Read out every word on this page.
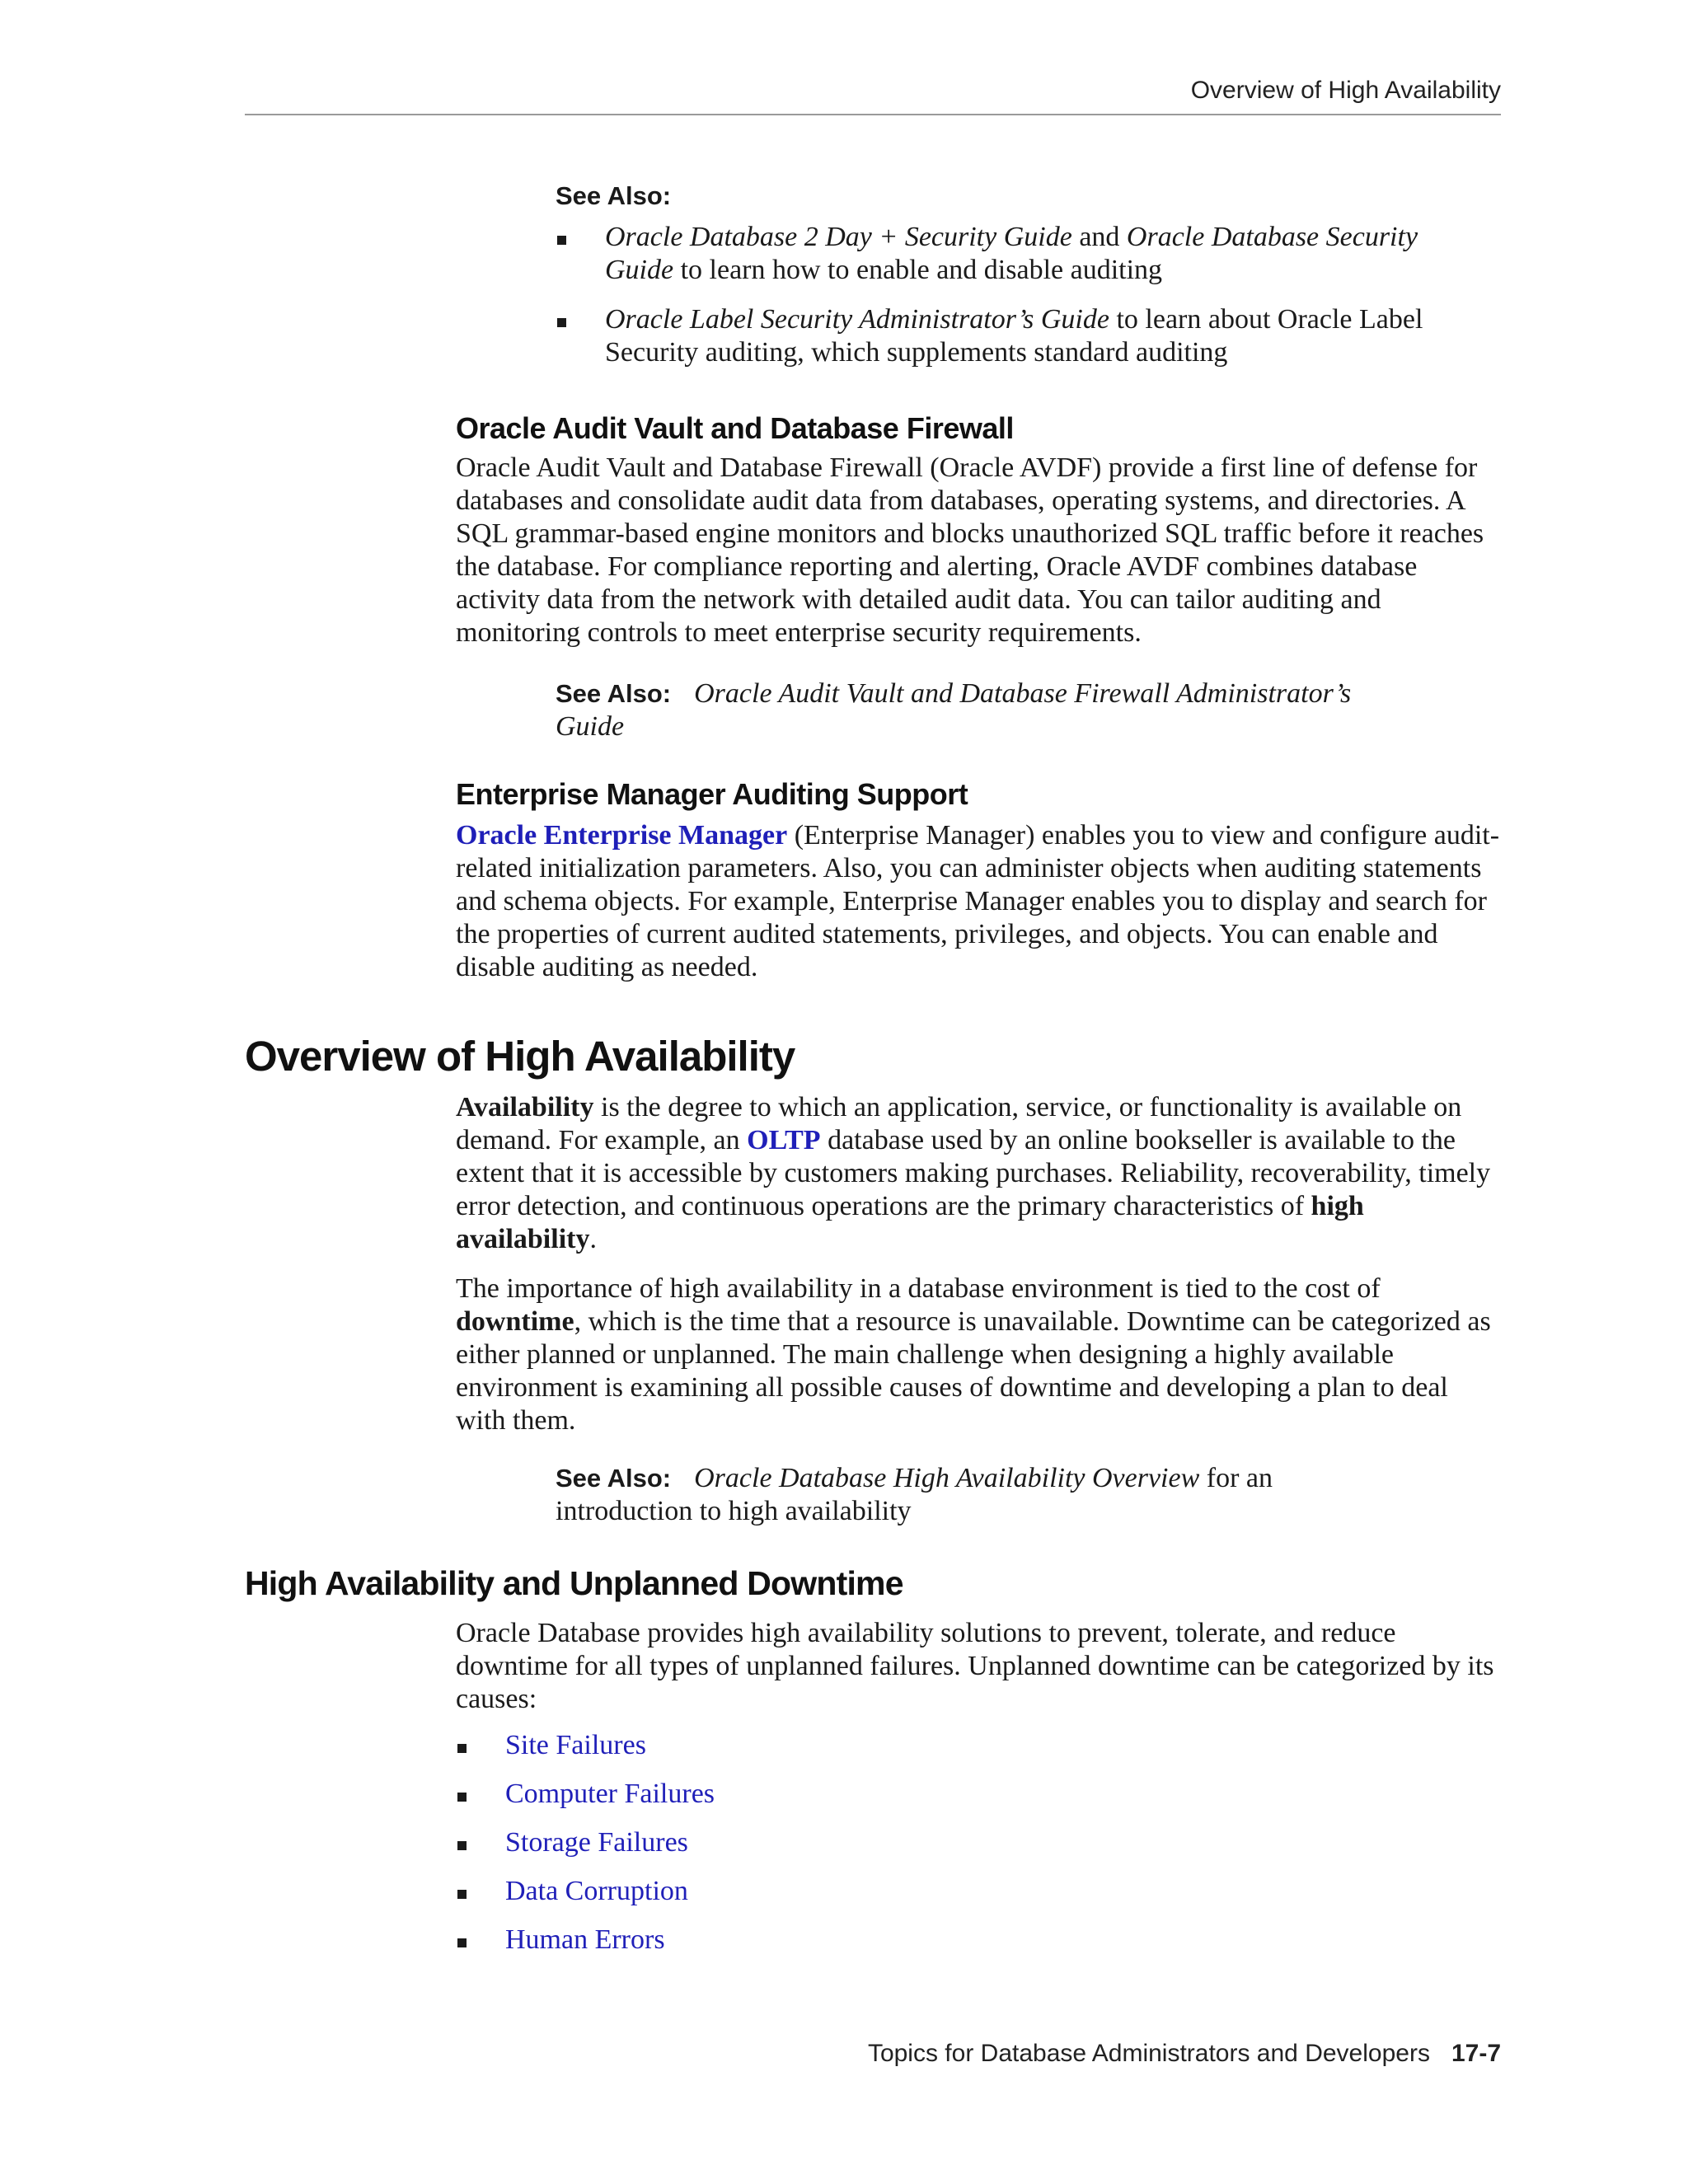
Overview of High Availability
See Also:
Oracle Database 2 Day + Security Guide and Oracle Database Security Guide to learn how to enable and disable auditing
Oracle Label Security Administrator’s Guide to learn about Oracle Label Security auditing, which supplements standard auditing
Oracle Audit Vault and Database Firewall

Oracle Audit Vault and Database Firewall (Oracle AVDF) provide a first line of defense for databases and consolidate audit data from databases, operating systems, and directories. A SQL grammar-based engine monitors and blocks unauthorized SQL traffic before it reaches the database. For compliance reporting and alerting, Oracle AVDF combines database activity data from the network with detailed audit data. You can tailor auditing and monitoring controls to meet enterprise security requirements.

See Also: Oracle Audit Vault and Database Firewall Administrator’s Guide
Enterprise Manager Auditing Support

Oracle Enterprise Manager (Enterprise Manager) enables you to view and configure audit-related initialization parameters. Also, you can administer objects when auditing statements and schema objects. For example, Enterprise Manager enables you to display and search for the properties of current audited statements, privileges, and objects. You can enable and disable auditing as needed.

Overview of High Availability

Availability is the degree to which an application, service, or functionality is available on demand. For example, an OLTP database used by an online bookseller is available to the extent that it is accessible by customers making purchases. Reliability, recoverability, timely error detection, and continuous operations are the primary characteristics of high availability.

The importance of high availability in a database environment is tied to the cost of downtime, which is the time that a resource is unavailable. Downtime can be categorized as either planned or unplanned. The main challenge when designing a highly available environment is examining all possible causes of downtime and developing a plan to deal with them.

See Also: Oracle Database High Availability Overview for an introduction to high availability
High Availability and Unplanned Downtime

Oracle Database provides high availability solutions to prevent, tolerate, and reduce downtime for all types of unplanned failures. Unplanned downtime can be categorized by its causes:

Site Failures
Computer Failures
Storage Failures
Data Corruption
Human Errors
Topics for Database Administrators and Developers 17-7
